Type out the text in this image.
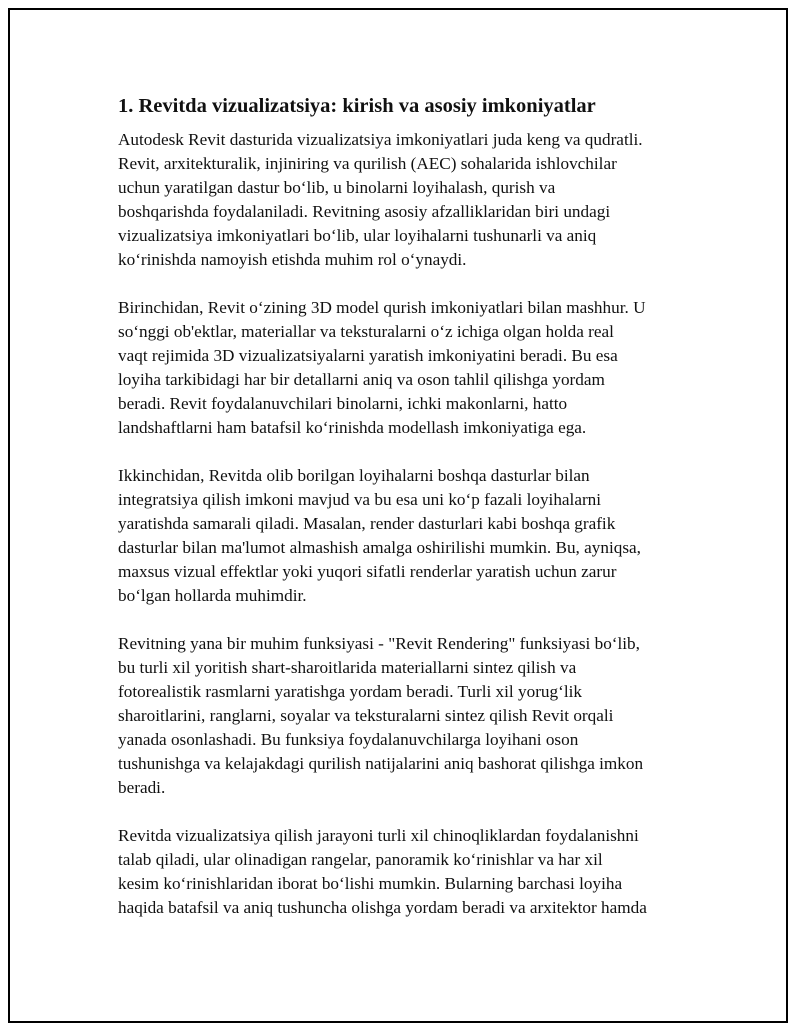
1. Revitda vizualizatsiya: kirish va asosiy imkoniyatlar

Autodesk Revit dasturida vizualizatsiya imkoniyatlari juda keng va qudratli.
Revit, arxitekturalik, injiniring va qurilish (AEC) sohalarida ishlovchilar
uchun yaratilgan dastur bo‘lib, u binolarni loyihalash, qurish va
boshqarishda foydalaniladi. Revitning asosiy afzalliklaridan biri undagi
vizualizatsiya imkoniyatlari bo‘lib, ular loyihalarni tushunarli va aniq
ko‘rinishda namoyish etishda muhim rol o‘ynaydi.

Birinchidan, Revit o‘zining 3D model qurish imkoniyatlari bilan mashhur. U
so‘nggi ob'ektlar, materiallar va teksturalarni o‘z ichiga olgan holda real
vaqt rejimida 3D vizualizatsiyalarni yaratish imkoniyatini beradi. Bu esa
loyiha tarkibidagi har bir detallarni aniq va oson tahlil qilishga yordam
beradi. Revit foydalanuvchilari binolarni, ichki makonlarni, hatto
landshaftlarni ham batafsil ko‘rinishda modellash imkoniyatiga ega.

Ikkinchidan, Revitda olib borilgan loyihalarni boshqa dasturlar bilan
integratsiya qilish imkoni mavjud va bu esa uni ko‘p fazali loyihalarni
yaratishda samarali qiladi. Masalan, render dasturlari kabi boshqa grafik
dasturlar bilan ma'lumot almashish amalga oshirilishi mumkin. Bu, ayniqsa,
maxsus vizual effektlar yoki yuqori sifatli renderlar yaratish uchun zarur
bo‘lgan hollarda muhimdir.

Revitning yana bir muhim funksiyasi - "Revit Rendering" funksiyasi bo‘lib,
bu turli xil yoritish shart-sharoitlarida materiallarni sintez qilish va
fotorealistik rasmlarni yaratishga yordam beradi. Turli xil yorug‘lik
sharoitlarini, ranglarni, soyalar va teksturalarni sintez qilish Revit orqali
yanada osonlashadi. Bu funksiya foydalanuvchilarga loyihani oson
tushunishga va kelajakdagi qurilish natijalarini aniq bashorat qilishga imkon
beradi.

Revitda vizualizatsiya qilish jarayoni turli xil chinoqliklardan foydalanishni
talab qiladi, ular olinadigan rangelar, panoramik ko‘rinishlar va har xil
kesim ko‘rinishlaridan iborat bo‘lishi mumkin. Bularning barchasi loyiha
haqida batafsil va aniq tushuncha olishga yordam beradi va arxitektor hamda
